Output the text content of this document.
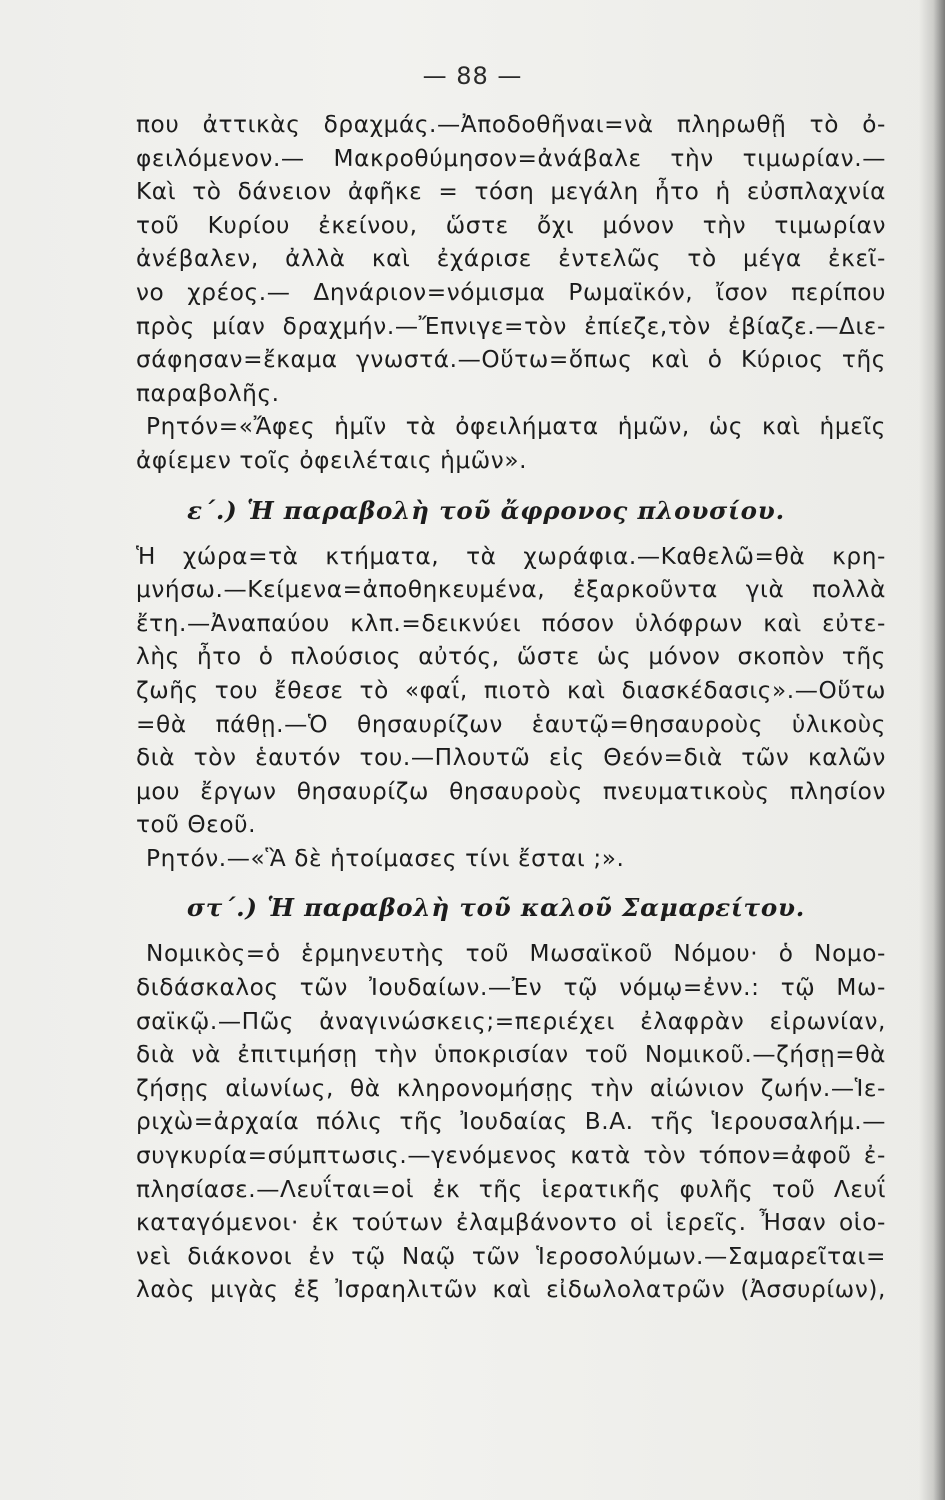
— 88 —
που ἀττικὰς δραχμάς.—Ἀποδοθῆναι=νὰ πληρωθῇ τὸ ὀ-
φειλόμενον.— Μακροθύμησον=ἀνάβαλε τὴν τιμωρίαν.—
Καὶ τὸ δάνειον ἀφῆκε = τόση μεγάλη ἦτο ἡ εὐσπλαχνία
τοῦ Κυρίου ἐκείνου, ὥστε ὄχι μόνον τὴν τιμωρίαν
ἀνέβαλεν, ἀλλὰ καὶ ἐχάρισε ἐντελῶς τὸ μέγα ἐκεῖ-
νο χρέος.— Δηνάριον=νόμισμα Ρωμαϊκόν, ἴσον περίπου
πρὸς μίαν δραχμήν.—Ἔπνιγε=τὸν ἐπίεζε,τὸν ἐβίαζε.—Διε-
σάφησαν=ἔκαμα γνωστά.—Οὕτω=ὅπως καὶ ὁ Κύριος τῆς
παραβολῆς.
Ρητόν=«Ἄφες ἡμῖν τὰ ὀφειλήματα ἡμῶν, ὡς καὶ ἡμεῖς
ἀφίεμεν τοῖς ὀφειλέταις ἡμῶν».
ε΄.) Ἡ παραβολὴ τοῦ ἄφρονος πλουσίου.
Ἡ χώρα=τὰ κτήματα, τὰ χωράφια.—Καθελῶ=θὰ κρη-
μνήσω.—Κείμενα=ἀποθηκευμένα, ἐξαρκοῦντα γιὰ πολλὰ
ἔτη.—Ἀναπαύου κλπ.=δεικνύει πόσον ὑλόφρων καὶ εὐτε-
λὴς ἦτο ὁ πλούσιος αὐτός, ὥστε ὡς μόνον σκοπὸν τῆς
ζωῆς του ἔθεσε τὸ «φαΐ, πιοτὸ καὶ διασκέδασις».—Οὕτω
=θὰ πάθῃ.—Ὁ θησαυρίζων ἑαυτῷ=θησαυροὺς ὑλικοὺς
διὰ τὸν ἑαυτόν του.—Πλουτῶ εἰς Θεόν=διὰ τῶν καλῶν
μου ἔργων θησαυρίζω θησαυροὺς πνευματικοὺς πλησίον
τοῦ Θεοῦ.
Ρητόν.—«Ἃ δὲ ἡτοίμασες τίνι ἔσται ;».
στ΄.) Ἡ παραβολὴ τοῦ καλοῦ Σαμαρείτου.
Νομικὸς=ὁ ἑρμηνευτὴς τοῦ Μωσαϊκοῦ Νόμου· ὁ Νομο-
διδάσκαλος τῶν Ἰουδαίων.—Ἐν τῷ νόμῳ=ἐνν.: τῷ Μω-
σαϊκῷ.—Πῶς ἀναγινώσκεις;=περιέχει ἐλαφρὰν εἰρωνίαν,
διὰ νὰ ἐπιτιμήσῃ τὴν ὑποκρισίαν τοῦ Νομικοῦ.—ζήσῃ=θὰ
ζήσῃς αἰωνίως, θὰ κληρονομήσῃς τὴν αἰώνιον ζωήν.—Ἱε-
ριχὼ=ἀρχαία πόλις τῆς Ἰουδαίας Β.Α. τῆς Ἱερουσαλήμ.—
συγκυρία=σύμπτωσις.—γενόμενος κατὰ τὸν τόπον=ἀφοῦ ἐ-
πλησίασε.—Λευΐται=οἱ ἐκ τῆς ἱερατικῆς φυλῆς τοῦ Λευΐ
καταγόμενοι· ἐκ τούτων ἐλαμβάνοντο οἱ ἱερεῖς. Ἦσαν οἱο-
νεὶ διάκονοι ἐν τῷ Ναῷ τῶν Ἱεροσολύμων.—Σαμαρεῖται=
λαὸς μιγὰς ἐξ Ἰσραηλιτῶν καὶ εἰδωλολατρῶν (Ἀσσυρίων),
